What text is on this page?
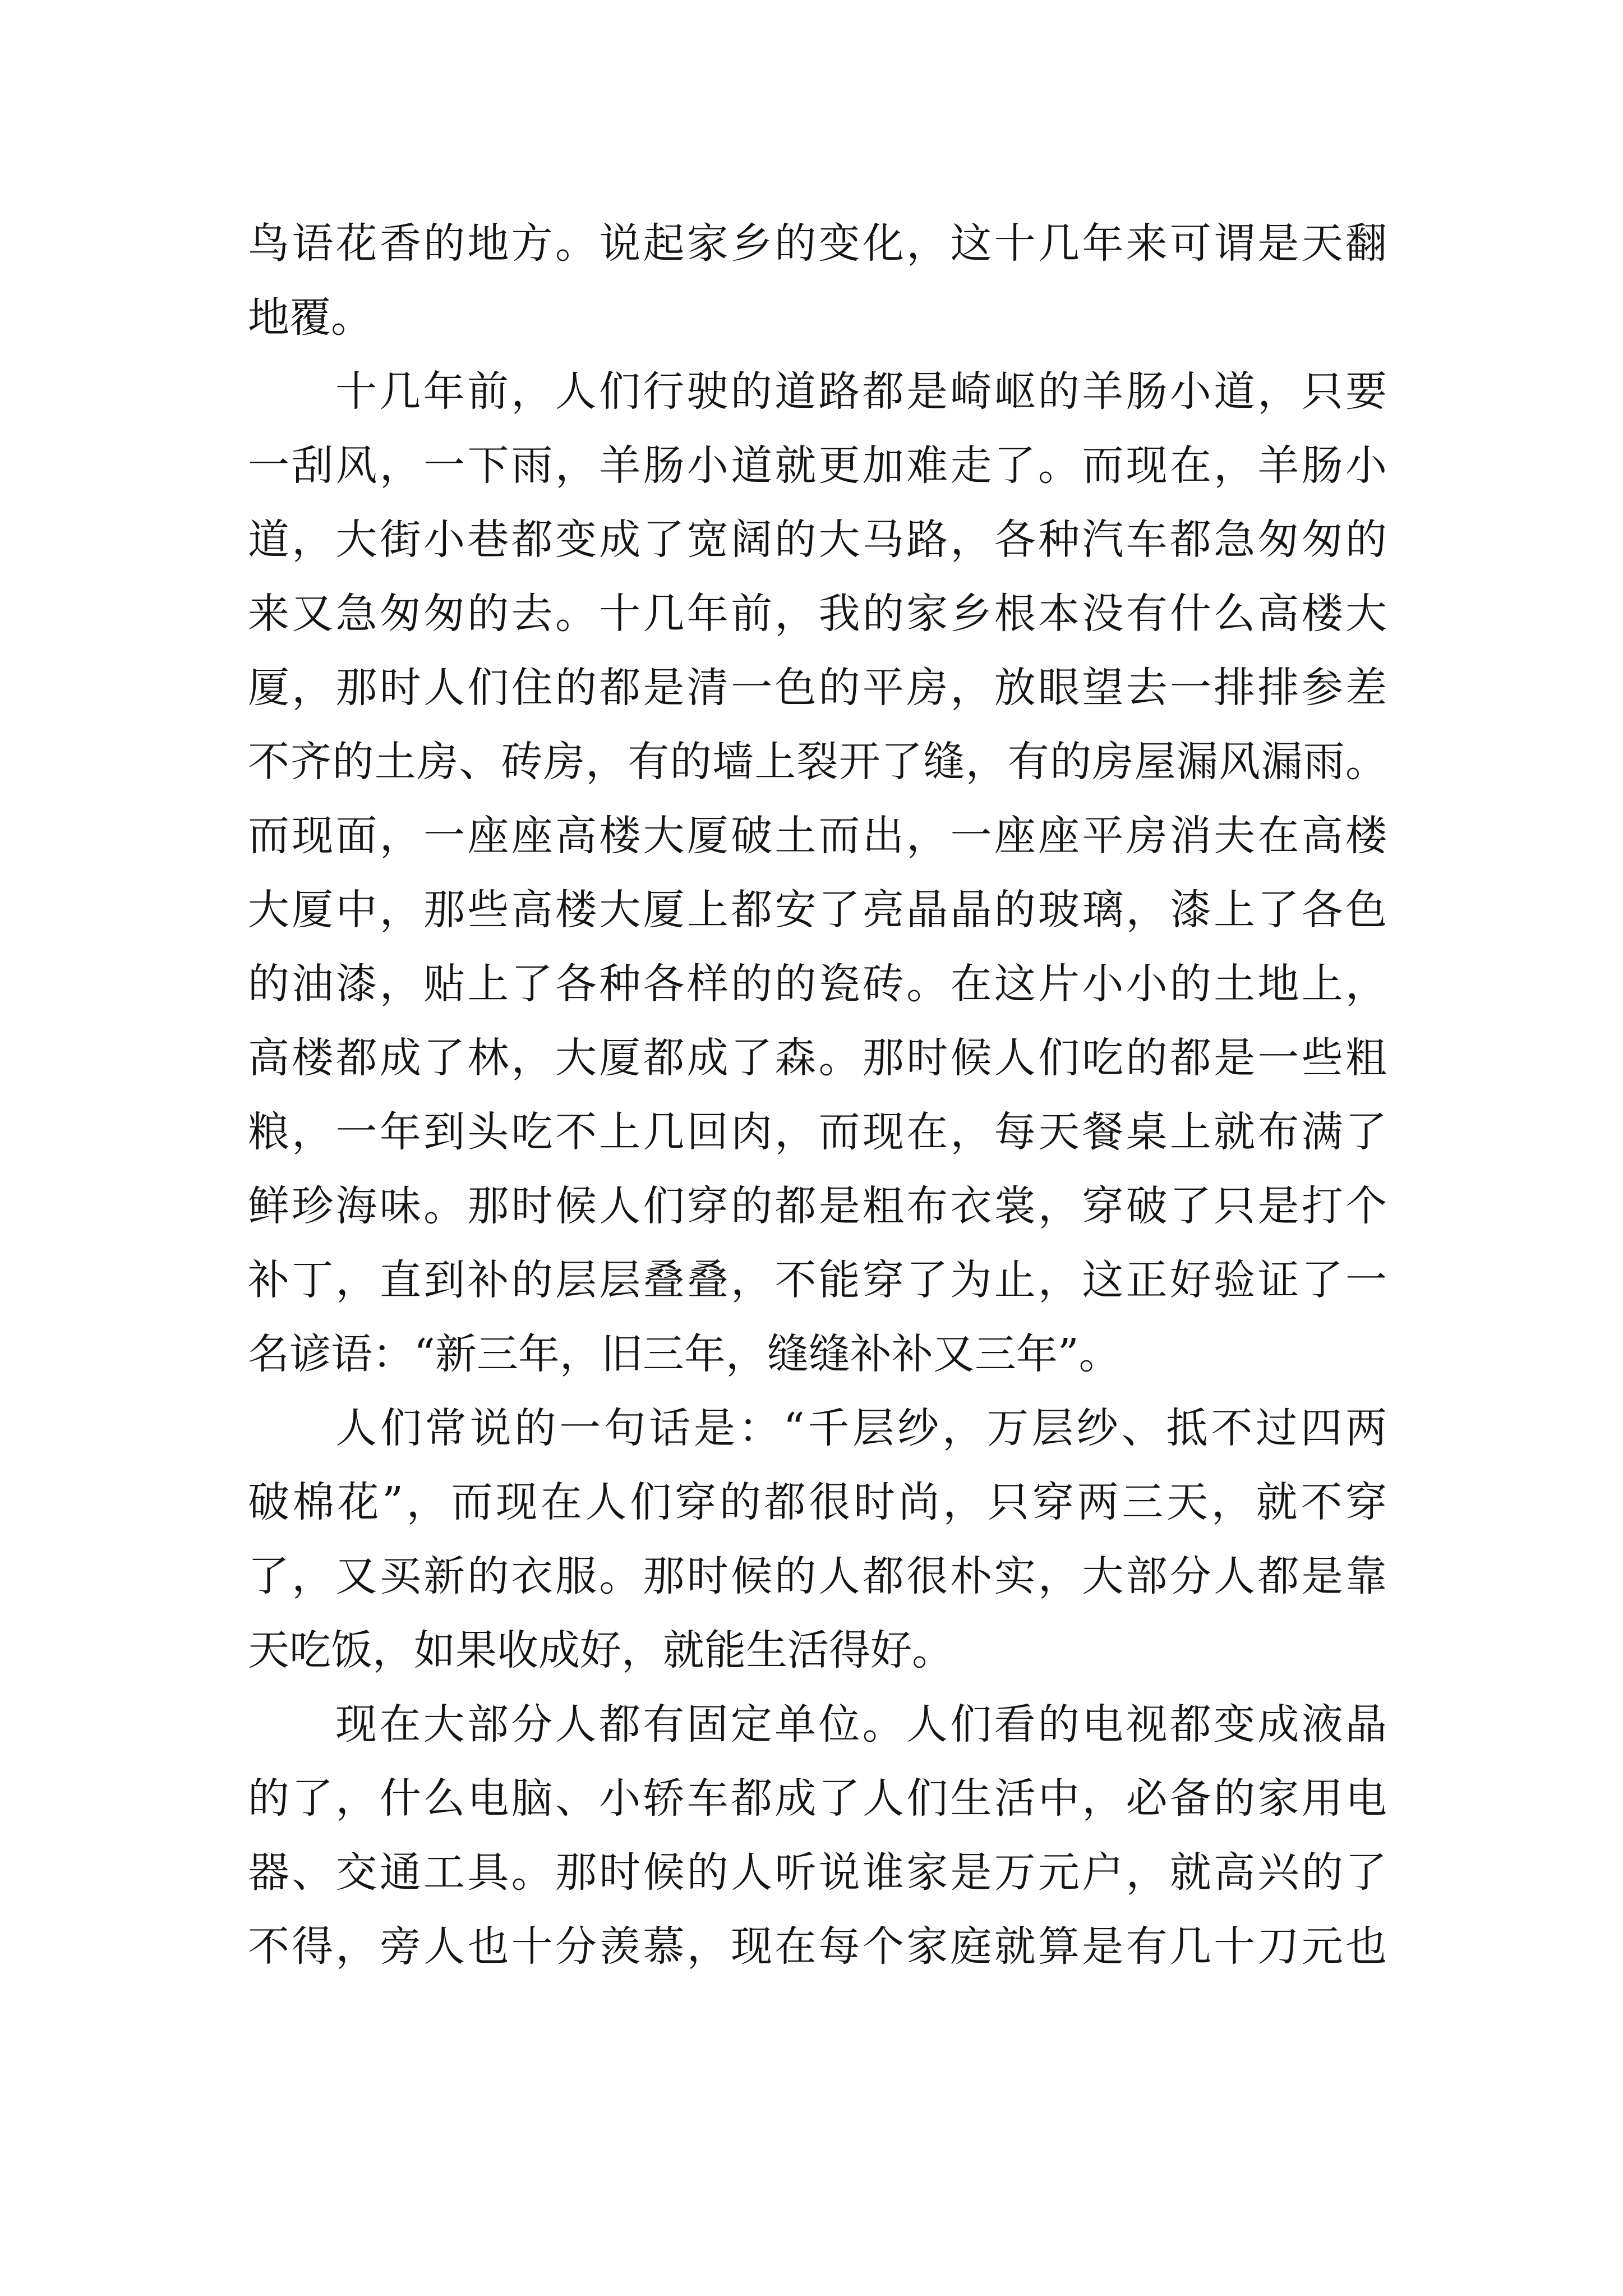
鸟语花香的地方。说起家乡的变化，这十几年来可谓是天翻
地覆。
十几年前，人们行驶的道路都是崎岖的羊肠小道，只要
一刮风，一下雨，羊肠小道就更加难走了。而现在，羊肠小
道，大街小巷都变成了宽阔的大马路，各种汽车都急匆匆的
来又急匆匆的去。十几年前，我的家乡根本没有什么高楼大
厦，那时人们住的都是清一色的平房，放眼望去一排排参差
不齐的土房、砖房，有的墙上裂开了缝，有的房屋漏风漏雨。
而现面，一座座高楼大厦破土而出，一座座平房消夫在高楼
大厦中，那些高楼大厦上都安了亮晶晶的玻璃，漆上了各色
的油漆，贴上了各种各样的的瓷砖。在这片小小的土地上，
高楼都成了林，大厦都成了森。那时候人们吃的都是一些粗
粮，一年到头吃不上几回肉，而现在，每天餐桌上就布满了
鲜珍海味。那时候人们穿的都是粗布衣裳，穿破了只是打个
补丁，直到补的层层叠叠，不能穿了为止，这正好验证了一
名谚语：“新三年，旧三年，缝缝补补又三年”。
人们常说的一句话是：“千层纱，万层纱、抵不过四两
破棉花”，而现在人们穿的都很时尚，只穿两三天，就不穿
了，又买新的衣服。那时候的人都很朴实，大部分人都是靠
天吃饭，如果收成好，就能生活得好。
现在大部分人都有固定单位。人们看的电视都变成液晶
的了，什么电脑、小轿车都成了人们生活中，必备的家用电
器、交通工具。那时候的人听说谁家是万元户，就高兴的了
不得，旁人也十分羡慕，现在每个家庭就算是有几十刀元也
